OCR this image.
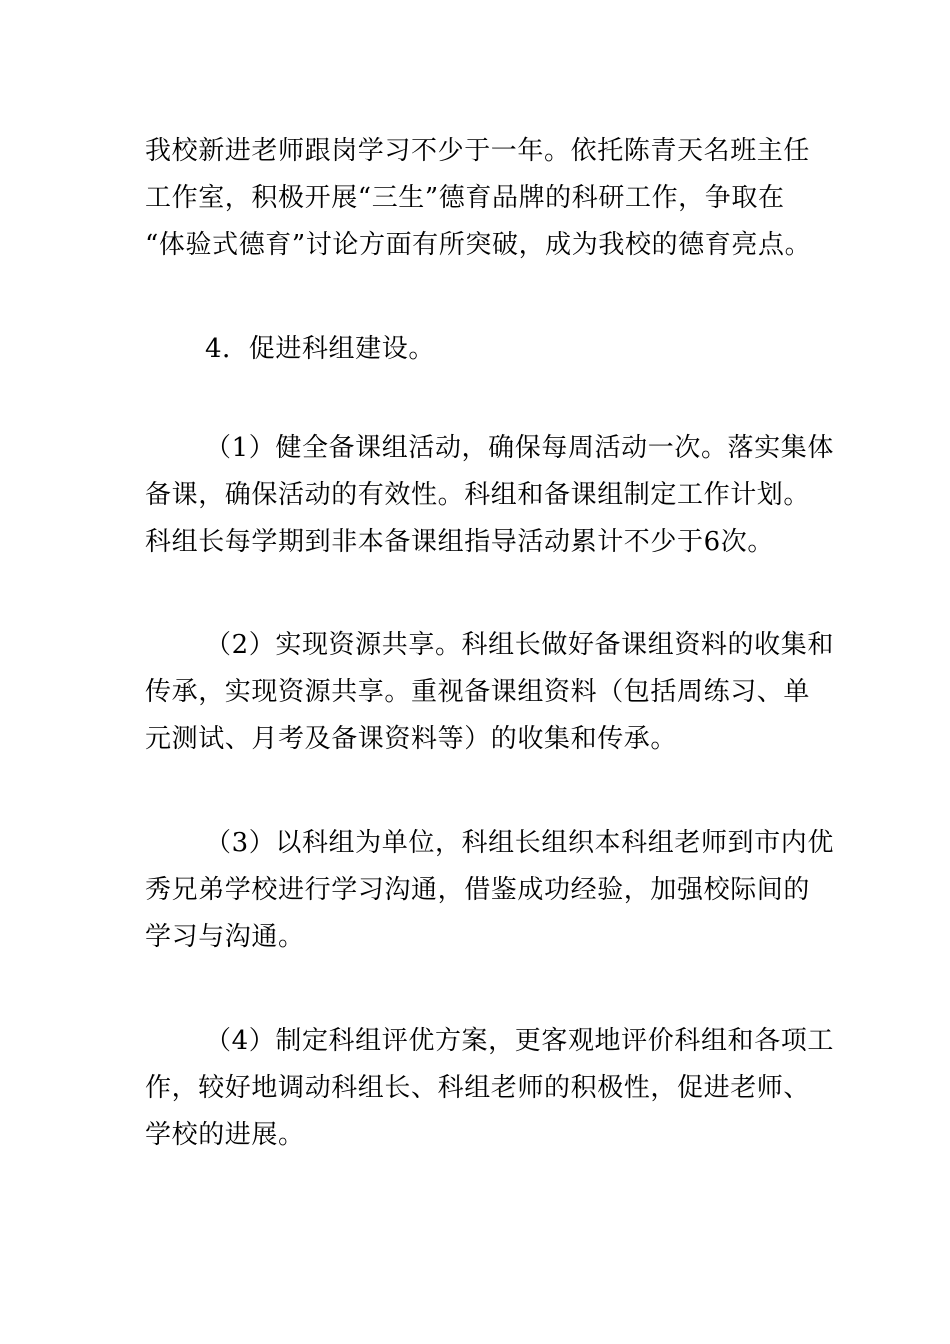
我校新进老师跟岗学习不少于一年。依托陈青天名班主任
工作室，积极开展“三生”德育品牌的科研工作，争取在
“体验式德育”讨论方面有所突破，成为我校的德育亮点。
4．促进科组建设。
（1）健全备课组活动，确保每周活动一次。落实集体
备课，确保活动的有效性。科组和备课组制定工作计划。
科组长每学期到非本备课组指导活动累计不少于6次。
（2）实现资源共享。科组长做好备课组资料的收集和
传承，实现资源共享。重视备课组资料（包括周练习、单
元测试、月考及备课资料等）的收集和传承。
（3）以科组为单位，科组长组织本科组老师到市内优
秀兄弟学校进行学习沟通，借鉴成功经验，加强校际间的
学习与沟通。
（4）制定科组评优方案，更客观地评价科组和各项工
作，较好地调动科组长、科组老师的积极性，促进老师、
学校的进展。
